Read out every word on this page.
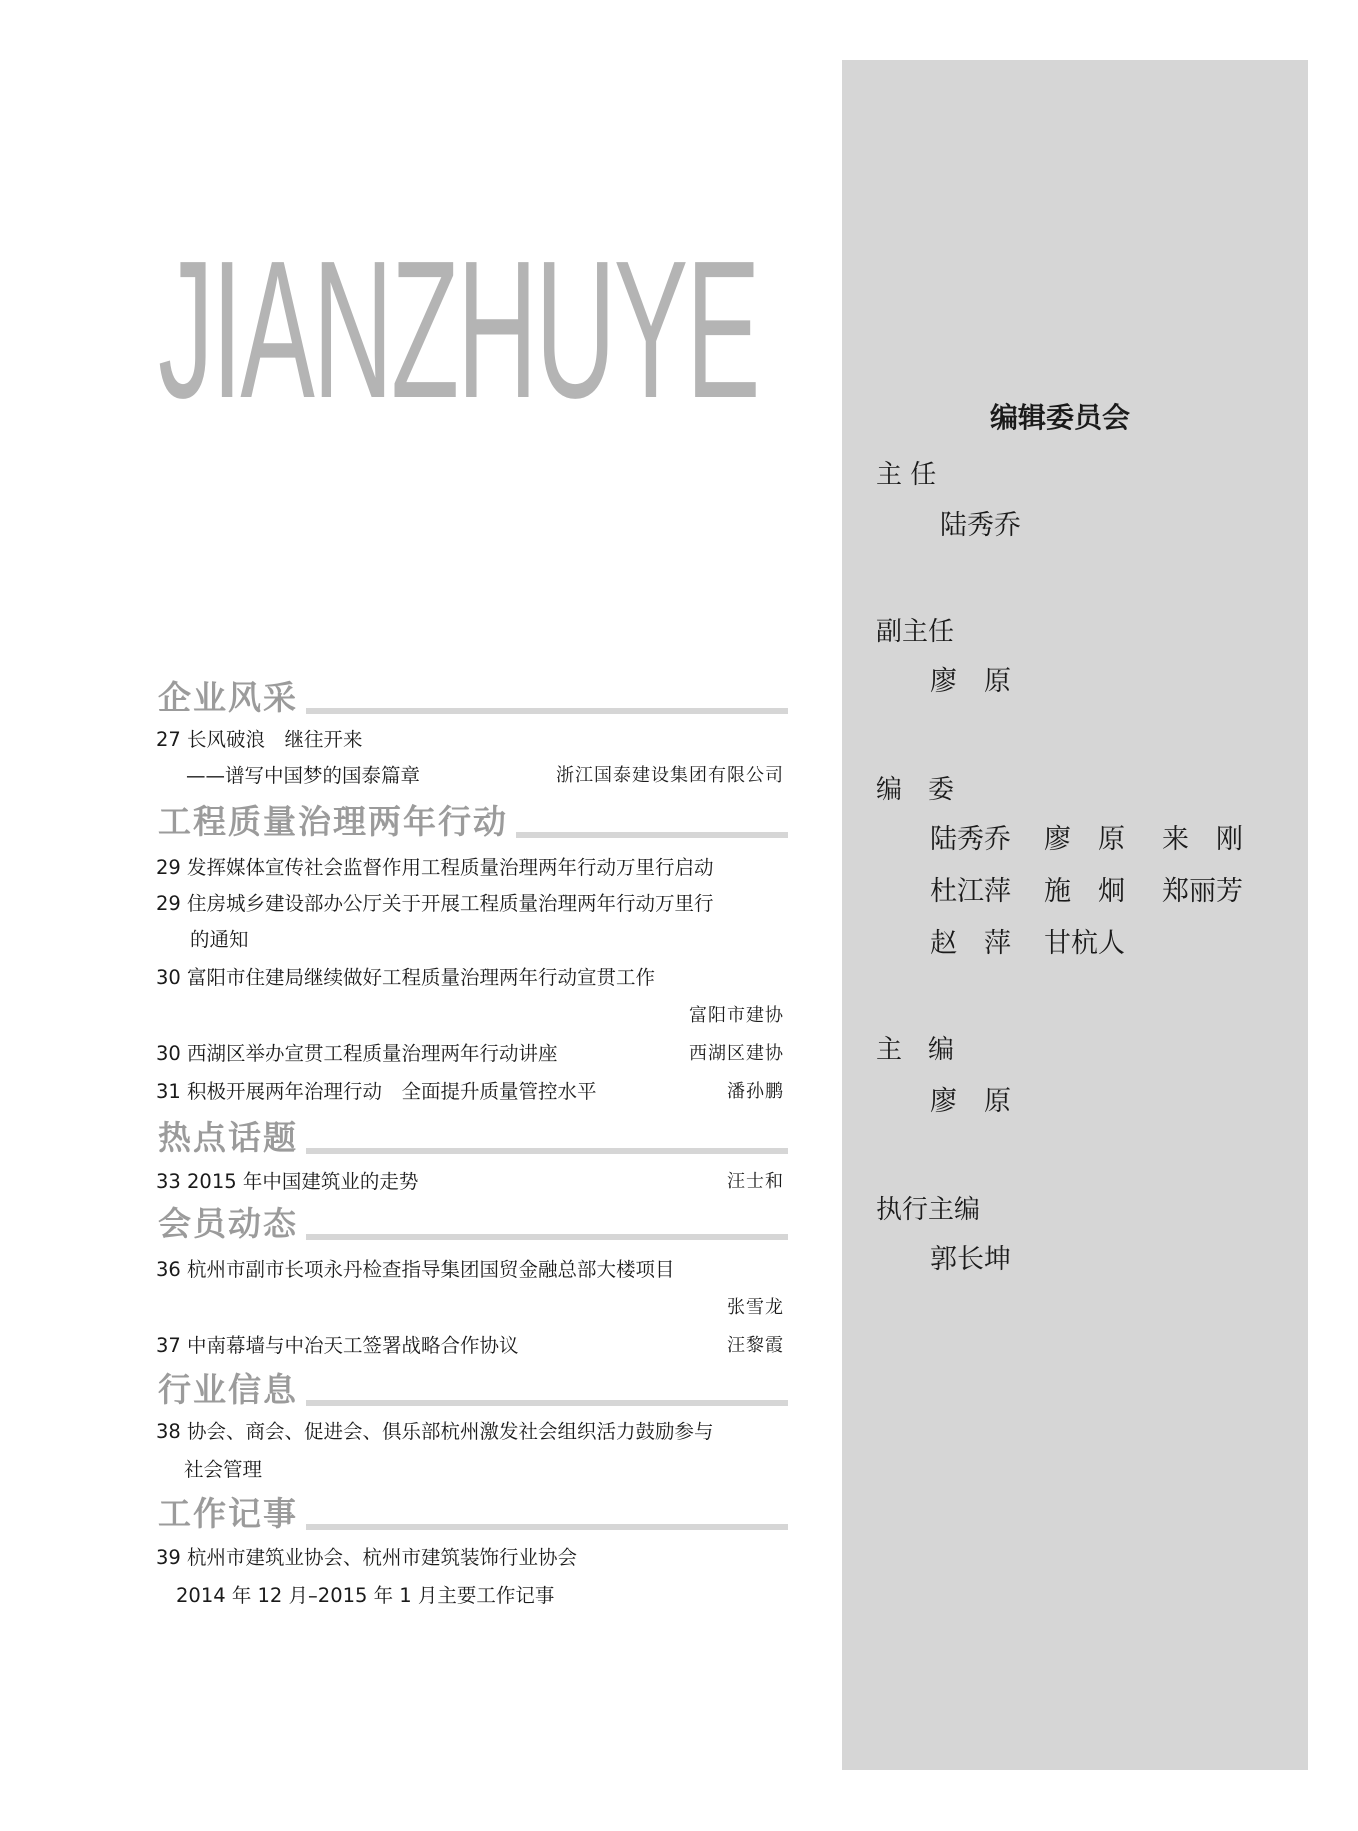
JIANZHUYE
企业风采
27 长风破浪　继往开来
——谱写中国梦的国泰篇章	浙江国泰建设集团有限公司
工程质量治理两年行动
29 发挥媒体宣传社会监督作用工程质量治理两年行动万里行启动
29 住房城乡建设部办公厅关于开展工程质量治理两年行动万里行
的通知
30 富阳市住建局继续做好工程质量治理两年行动宣贯工作
富阳市建协
30 西湖区举办宣贯工程质量治理两年行动讲座	西湖区建协
31 积极开展两年治理行动　全面提升质量管控水平	潘孙鹏
热点话题
33 2015 年中国建筑业的走势	汪士和
会员动态
36 杭州市副市长项永丹检查指导集团国贸金融总部大楼项目
张雪龙
37 中南幕墙与中冶天工签署战略合作协议	汪黎霞
行业信息
38 协会、商会、促进会、俱乐部杭州激发社会组织活力鼓励参与
社会管理
工作记事
39 杭州市建筑业协会、杭州市建筑装饰行业协会
2014 年 12 月–2015 年 1 月主要工作记事
编辑委员会
主 任
陆秀乔
副主任
廖　原
编　委
陆秀乔 廖　原 来　刚
杜江萍 施　炯 郑丽芳
赵　萍 甘杭人
主　编
廖　原
执行主编
郭长坤
